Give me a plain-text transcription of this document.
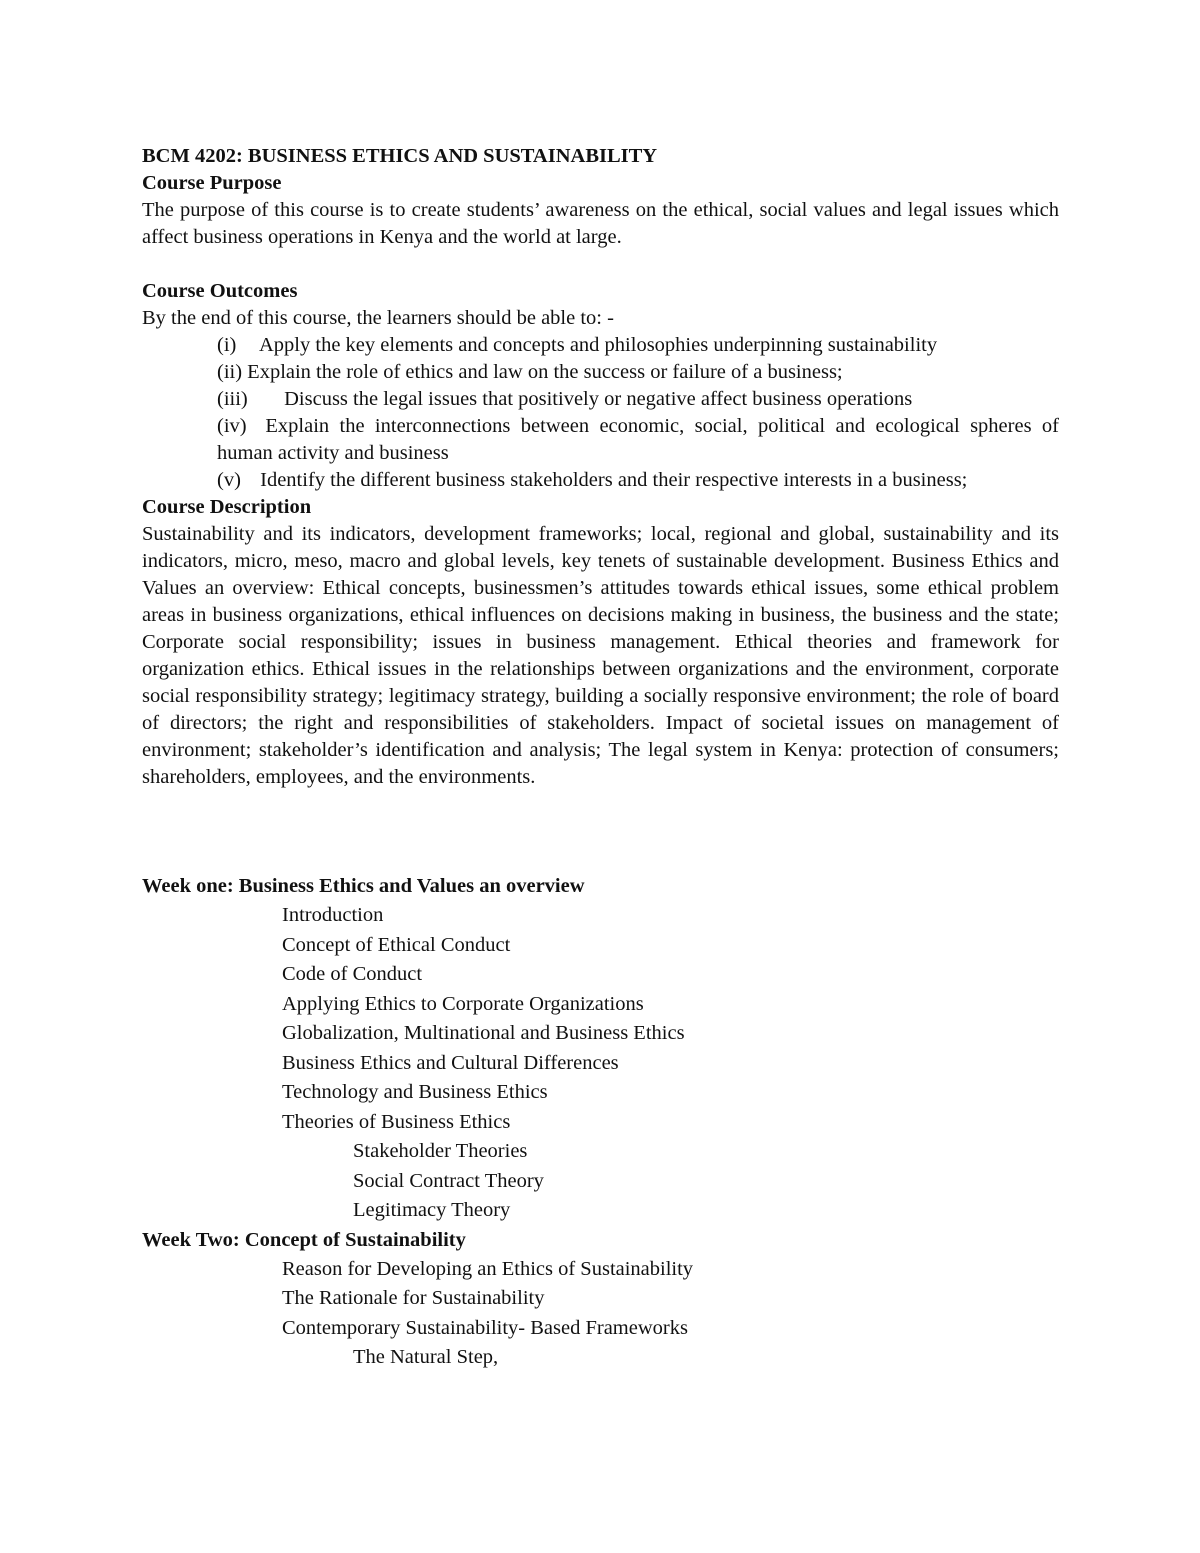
BCM 4202: BUSINESS ETHICS AND SUSTAINABILITY

Course Purpose

The purpose of this course is to create students’ awareness on the ethical, social values and legal issues which affect business operations in Kenya and the world at large.

Course Outcomes

By the end of this course, the learners should be able to: -

(i) Apply the key elements and concepts and philosophies underpinning sustainability
(ii) Explain the role of ethics and law on the success or failure of a business;
(iii) Discuss the legal issues that positively or negative affect business operations
(iv) Explain the interconnections between economic, social, political and ecological spheres of human activity and business
(v) Identify the different business stakeholders and their respective interests in a business;

Course Description

Sustainability and its indicators, development frameworks; local, regional and global, sustainability and its indicators, micro, meso, macro and global levels, key tenets of sustainable development. Business Ethics and Values an overview: Ethical concepts, businessmen’s attitudes towards ethical issues, some ethical problem areas in business organizations, ethical influences on decisions making in business, the business and the state; Corporate social responsibility; issues in business management. Ethical theories and framework for organization ethics. Ethical issues in the relationships between organizations and the environment, corporate social responsibility strategy; legitimacy strategy, building a socially responsive environment; the role of board of directors; the right and responsibilities of stakeholders. Impact of societal issues on management of environment; stakeholder’s identification and analysis; The legal system in Kenya: protection of consumers; shareholders, employees, and the environments.

Week one: Business Ethics and Values an overview

Introduction

Concept of Ethical Conduct

Code of Conduct

Applying Ethics to Corporate Organizations

Globalization, Multinational and Business Ethics

Business Ethics and Cultural Differences

Technology and Business Ethics

Theories of Business Ethics

Stakeholder Theories

Social Contract Theory

Legitimacy Theory

Week Two: Concept of Sustainability

Reason for Developing an Ethics of Sustainability

The Rationale for Sustainability

Contemporary Sustainability- Based Frameworks

The Natural Step,
